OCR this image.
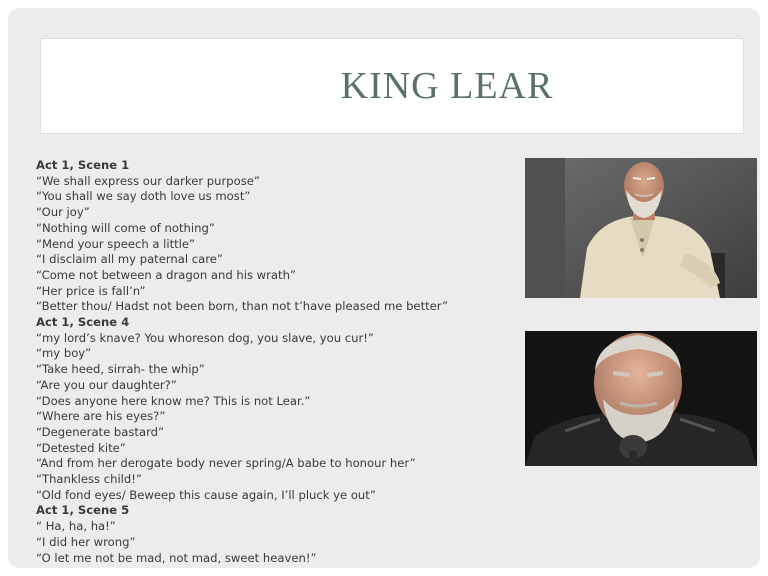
KING LEAR
Act 1, Scene 1
“We shall express our darker purpose”
“You shall we say doth love us most”
“Our joy”
“Nothing will come of nothing”
“Mend your speech a little”
“I disclaim all my paternal care”
“Come not between a dragon and his wrath”
“Her price is fall’n”
“Better thou/ Hadst not been born, than not t’have pleased me better”
Act 1, Scene 4
“my lord’s knave? You whoreson dog, you slave, you cur!”
“my boy”
“Take heed, sirrah- the whip”
“Are you our daughter?”
“Does anyone here know me? This is not Lear.”
“Where are his eyes?”
“Degenerate bastard”
“Detested kite”
“And from her derogate body never spring/A babe to honour her”
“Thankless child!”
“Old fond eyes/ Beweep this cause again, I’ll pluck ye out”
Act 1, Scene 5
“ Ha, ha, ha!”
“I did her wrong”
“O let me not be mad, not mad, sweet heaven!”
